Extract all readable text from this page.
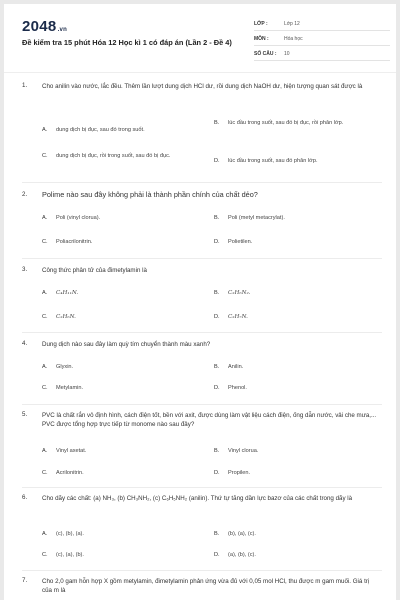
2048.vn
Đề kiểm tra 15 phút Hóa 12 Học kì 1 có đáp án (Lần 2 - Đề 4)
LỚP :	Lớp 12
MÔN :	Hóa học
SỐ CÂU :	10
1. Cho anilin vào nước, lắc đều. Thêm lần lượt dung dịch HCl dư, rồi dung dịch NaOH dư, hiện tượng quan sát được là
A.	dung dịch bị đục, sau đó trong suốt.
B.	lúc đầu trong suốt, sau đó bị đục, rồi phân lớp.
C.	dung dịch bị đục, rồi trong suốt, sau đó bị đục.
D.	lúc đầu trong suốt, sau đó phân lớp.
2. Polime nào sau đây không phải là thành phần chính của chất dẻo?
A.	Poli (vinyl clorua).	B.	Poli (metyl metacrylat).
C.	Poliacrilonitrin.	D.	Polietilen.
3. Công thức phân tử của đimetylamin là
A.	C₄H₁₁N.	B.	C₂H₆N₂.
C.	C₂H₆N.	D.	C₂H₇N.
4. Dung dịch nào sau đây làm quỳ tím chuyển thành màu xanh?
A.	Glyxin.	B.	Anilin.
C.	Metylamin.	D.	Phenol.
5. PVC là chất rắn vô định hình, cách điện tốt, bền với axit, được dùng làm vật liệu cách điện, ống dẫn nước, vải che mưa,... PVC được tổng hợp trực tiếp từ monome nào sau đây?
A.	Vinyl axetat.	B.	Vinyl clorua.
C.	Acrilonitrin.	D.	Propilen.
6. Cho dãy các chất: (a) NH₃, (b) CH₃NH₂, (c) C₆H₅NH₂ (anilin). Thứ tự tăng dần lực bazơ của các chất trong dãy là
A.	(c), (b), (a).	B.	(b), (a), (c).
C.	(c), (a), (b).	D.	(a), (b), (c).
7. Cho 2,0 gam hỗn hợp X gồm metylamin, đimetylamin phản ứng vừa đủ với 0,05 mol HCl, thu được m gam muối. Giá trị của m là
